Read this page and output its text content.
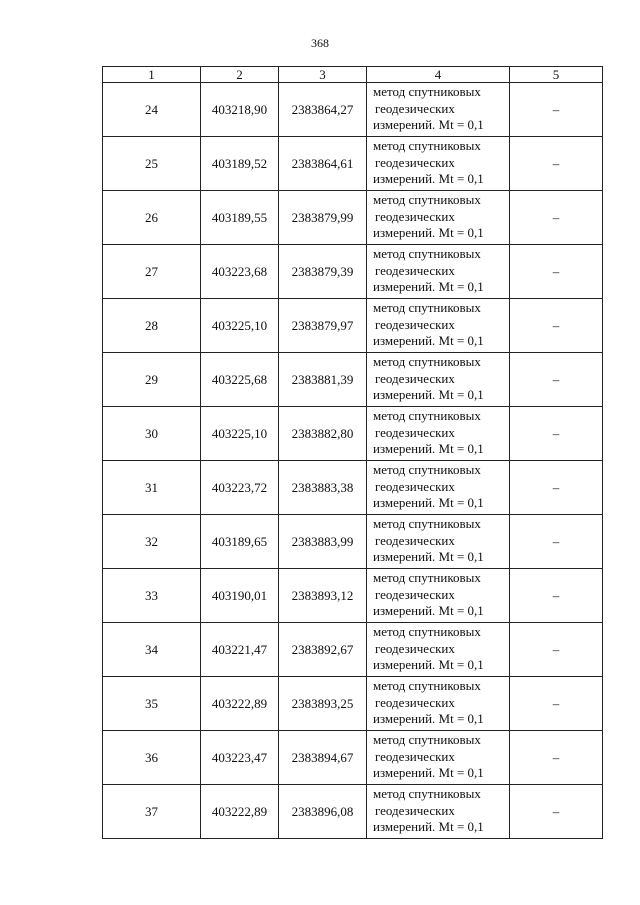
368
1	2	3	4	5
24	403218,90	2383864,27	метод спутниковых
геодезических
измерений. Mt = 0,1	–
25	403189,52	2383864,61	метод спутниковых
геодезических
измерений. Mt = 0,1	–
26	403189,55	2383879,99	метод спутниковых
геодезических
измерений. Mt = 0,1	–
27	403223,68	2383879,39	метод спутниковых
геодезических
измерений. Mt = 0,1	–
28	403225,10	2383879,97	метод спутниковых
геодезических
измерений. Mt = 0,1	–
29	403225,68	2383881,39	метод спутниковых
геодезических
измерений. Mt = 0,1	–
30	403225,10	2383882,80	метод спутниковых
геодезических
измерений. Mt = 0,1	–
31	403223,72	2383883,38	метод спутниковых
геодезических
измерений. Mt = 0,1	–
32	403189,65	2383883,99	метод спутниковых
геодезических
измерений. Mt = 0,1	–
33	403190,01	2383893,12	метод спутниковых
геодезических
измерений. Mt = 0,1	–
34	403221,47	2383892,67	метод спутниковых
геодезических
измерений. Mt = 0,1	–
35	403222,89	2383893,25	метод спутниковых
геодезических
измерений. Mt = 0,1	–
36	403223,47	2383894,67	метод спутниковых
геодезических
измерений. Mt = 0,1	–
37	403222,89	2383896,08	метод спутниковых
геодезических
измерений. Mt = 0,1	–
